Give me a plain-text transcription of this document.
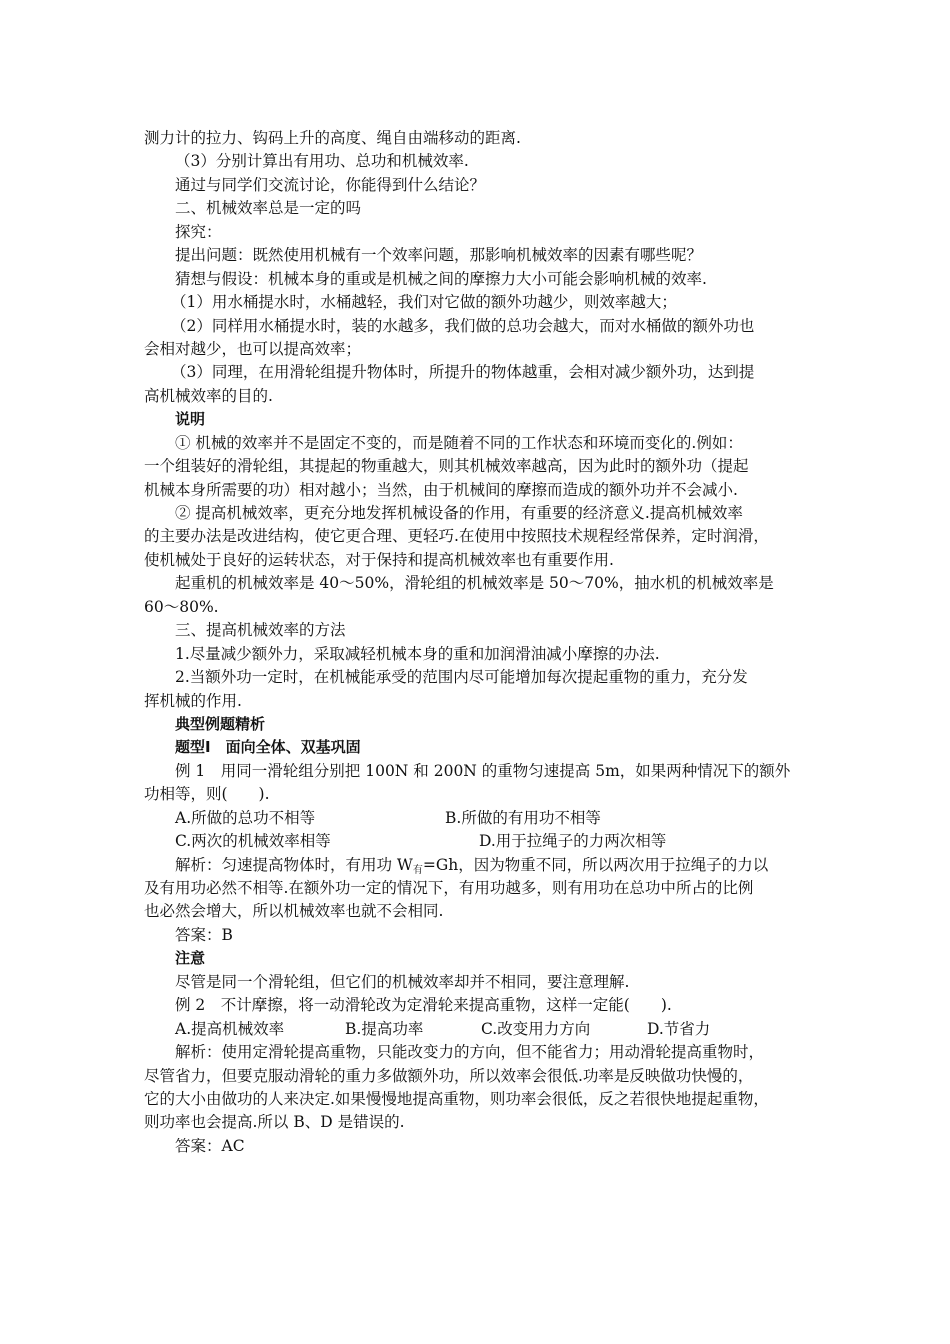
测力计的拉力、钩码上升的高度、绳自由端移动的距离.
（3）分别计算出有用功、总功和机械效率.
通过与同学们交流讨论，你能得到什么结论？
二、机械效率总是一定的吗
探究：
提出问题：既然使用机械有一个效率问题，那影响机械效率的因素有哪些呢？
猜想与假设：机械本身的重或是机械之间的摩擦力大小可能会影响机械的效率.
（1）用水桶提水时，水桶越轻，我们对它做的额外功越少，则效率越大；
（2）同样用水桶提水时，装的水越多，我们做的总功会越大，而对水桶做的额外功也
会相对越少，也可以提高效率；
（3）同理，在用滑轮组提升物体时，所提升的物体越重，会相对减少额外功，达到提
高机械效率的目的.
说明
① 机械的效率并不是固定不变的，而是随着不同的工作状态和环境而变化的.例如：
一个组装好的滑轮组，其提起的物重越大，则其机械效率越高，因为此时的额外功（提起
机械本身所需要的功）相对越小；当然，由于机械间的摩擦而造成的额外功并不会减小.
② 提高机械效率，更充分地发挥机械设备的作用，有重要的经济意义.提高机械效率
的主要办法是改进结构，使它更合理、更轻巧.在使用中按照技术规程经常保养，定时润滑，
使机械处于良好的运转状态，对于保持和提高机械效率也有重要作用.
起重机的机械效率是 40～50%，滑轮组的机械效率是 50～70%，抽水机的机械效率是
60～80%.
三、提高机械效率的方法
1.尽量减少额外力，采取减轻机械本身的重和加润滑油减小摩擦的办法.
2.当额外功一定时，在机械能承受的范围内尽可能增加每次提起重物的重力，充分发
挥机械的作用.
典型例题精析
题型Ⅰ　面向全体、双基巩固
例 1　用同一滑轮组分别把 100N 和 200N 的重物匀速提高 5m，如果两种情况下的额外
功相等，则(　　).
A.所做的总功不相等	B.所做的有用功不相等
C.两次的机械效率相等	D.用于拉绳子的力两次相等
解析：匀速提高物体时，有用功 W有=Gh，因为物重不同，所以两次用于拉绳子的力以
及有用功必然不相等.在额外功一定的情况下，有用功越多，则有用功在总功中所占的比例
也必然会增大，所以机械效率也就不会相同.
答案：B
注意
尽管是同一个滑轮组，但它们的机械效率却并不相同，要注意理解.
例 2　不计摩擦，将一动滑轮改为定滑轮来提高重物，这样一定能(　　).
A.提高机械效率	B.提高功率	C.改变用力方向	D.节省力
解析：使用定滑轮提高重物，只能改变力的方向，但不能省力；用动滑轮提高重物时，
尽管省力，但要克服动滑轮的重力多做额外功，所以效率会很低.功率是反映做功快慢的，
它的大小由做功的人来决定.如果慢慢地提高重物，则功率会很低，反之若很快地提起重物，
则功率也会提高.所以 B、D 是错误的.
答案：AC
